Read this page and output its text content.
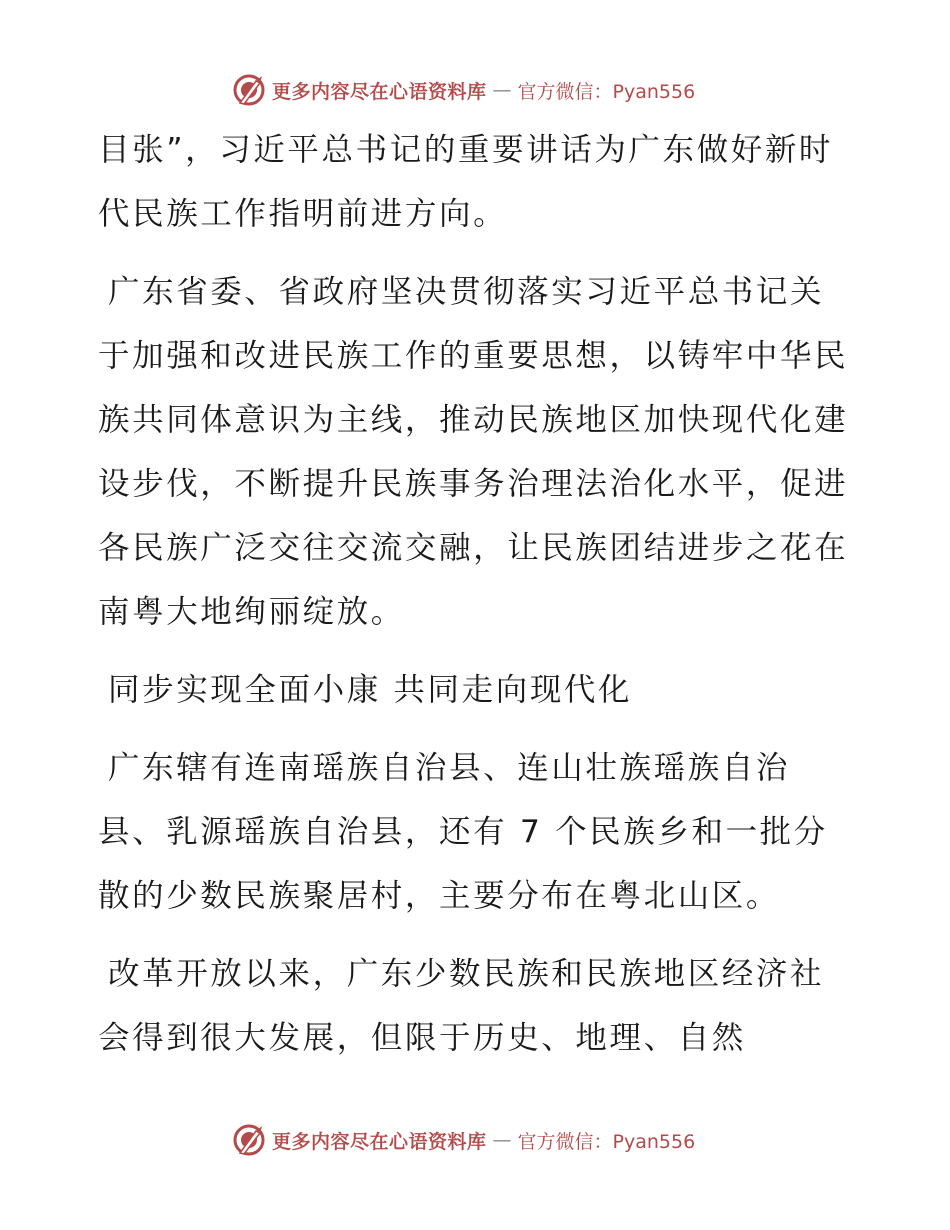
更多内容尽在心语资料库 — 官方微信：Pyan556

目张”，习近平总书记的重要讲话为广东做好新时代民族工作指明前进方向。

广东省委、省政府坚决贯彻落实习近平总书记关于加强和改进民族工作的重要思想，以铸牢中华民族共同体意识为主线，推动民族地区加快现代化建设步伐，不断提升民族事务治理法治化水平，促进各民族广泛交往交流交融，让民族团结进步之花在南粤大地绚丽绽放。

同步实现全面小康 共同走向现代化

广东辖有连南瑶族自治县、连山壮族瑶族自治县、乳源瑶族自治县，还有 7 个民族乡和一批分散的少数民族聚居村，主要分布在粤北山区。

改革开放以来，广东少数民族和民族地区经济社会得到很大发展，但限于历史、地理、自然

更多内容尽在心语资料库 — 官方微信：Pyan556
